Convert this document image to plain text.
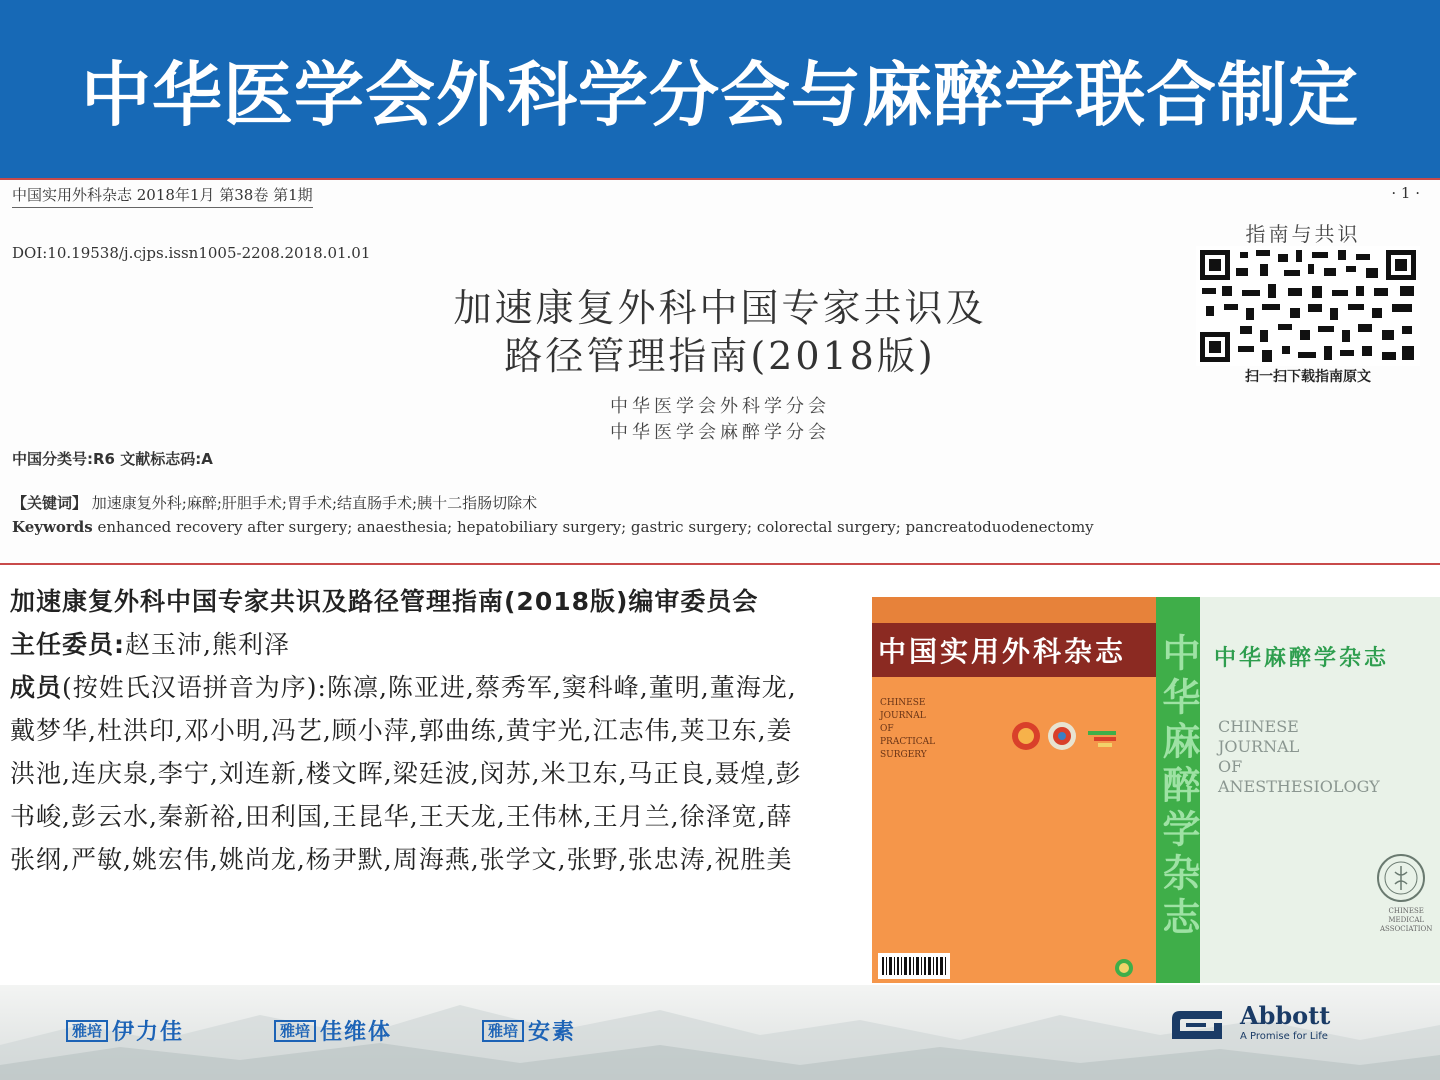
中华医学会外科学分会与麻醉学联合制定
中国实用外科杂志 2018年1月 第38卷 第1期	· 1 ·
DOI:10.19538/j.cjps.issn1005-2208.2018.01.01
加速康复外科中国专家共识及
路径管理指南(2018版)
中华医学会外科学分会
中华医学会麻醉学分会
中国分类号:R6 文献标志码:A
【关键词】 加速康复外科;麻醉;肝胆手术;胃手术;结直肠手术;胰十二指肠切除术
Keywords enhanced recovery after surgery; anaesthesia; hepatobiliary surgery; gastric surgery; colorectal surgery; pancreatoduodenectomy
指南与共识
扫一扫下载指南原文
加速康复外科中国专家共识及路径管理指南(2018版)编审委员会
主任委员:赵玉沛,熊利泽
成员(按姓氏汉语拼音为序):陈凛,陈亚进,蔡秀军,窦科峰,董明,董海龙,戴梦华,杜洪印,邓小明,冯艺,顾小萍,郭曲练,黄宇光,江志伟,荚卫东,姜洪池,连庆泉,李宁,刘连新,楼文晖,梁廷波,闵苏,米卫东,马正良,聂煌,彭书峻,彭云水,秦新裕,田利国,王昆华,王天龙,王伟林,王月兰,徐泽宽,薛张纲,严敏,姚宏伟,姚尚龙,杨尹默,周海燕,张学文,张野,张忠涛,祝胜美
中国实用外科杂志
CHINESE
JOURNAL
OF
PRACTICAL
SURGERY	中华麻醉学杂志 中华麻醉学杂志
CHINESE
JOURNAL
OF
ANESTHESIOLOGY
CHINESE
MEDICAL
ASSOCIATION
雅培 伊力佳	雅培 佳维体	雅培 安素
Abbott
A Promise for Life
